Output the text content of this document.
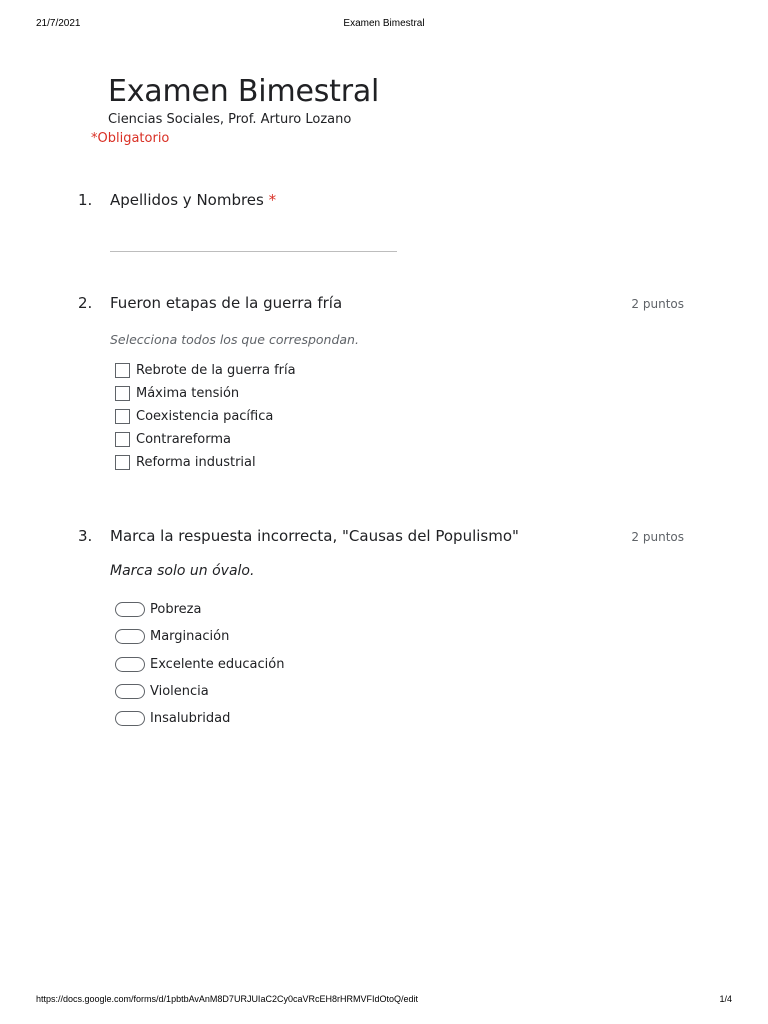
21/7/2021	Examen Bimestral
Examen Bimestral
Ciencias Sociales, Prof. Arturo Lozano
*Obligatorio
1. Apellidos y Nombres *
2. Fueron etapas de la guerra fría	2 puntos
Selecciona todos los que correspondan.
Rebrote de la guerra fría
Máxima tensión
Coexistencia pacífica
Contrareforma
Reforma industrial
3. Marca la respuesta incorrecta, "Causas del Populismo"	2 puntos
Marca solo un óvalo.
Pobreza
Marginación
Excelente educación
Violencia
Insalubridad
https://docs.google.com/forms/d/1pbtbAvAnM8D7URJUIaC2Cy0caVRcEH8rHRMVFIdOtoQ/edit	1/4
